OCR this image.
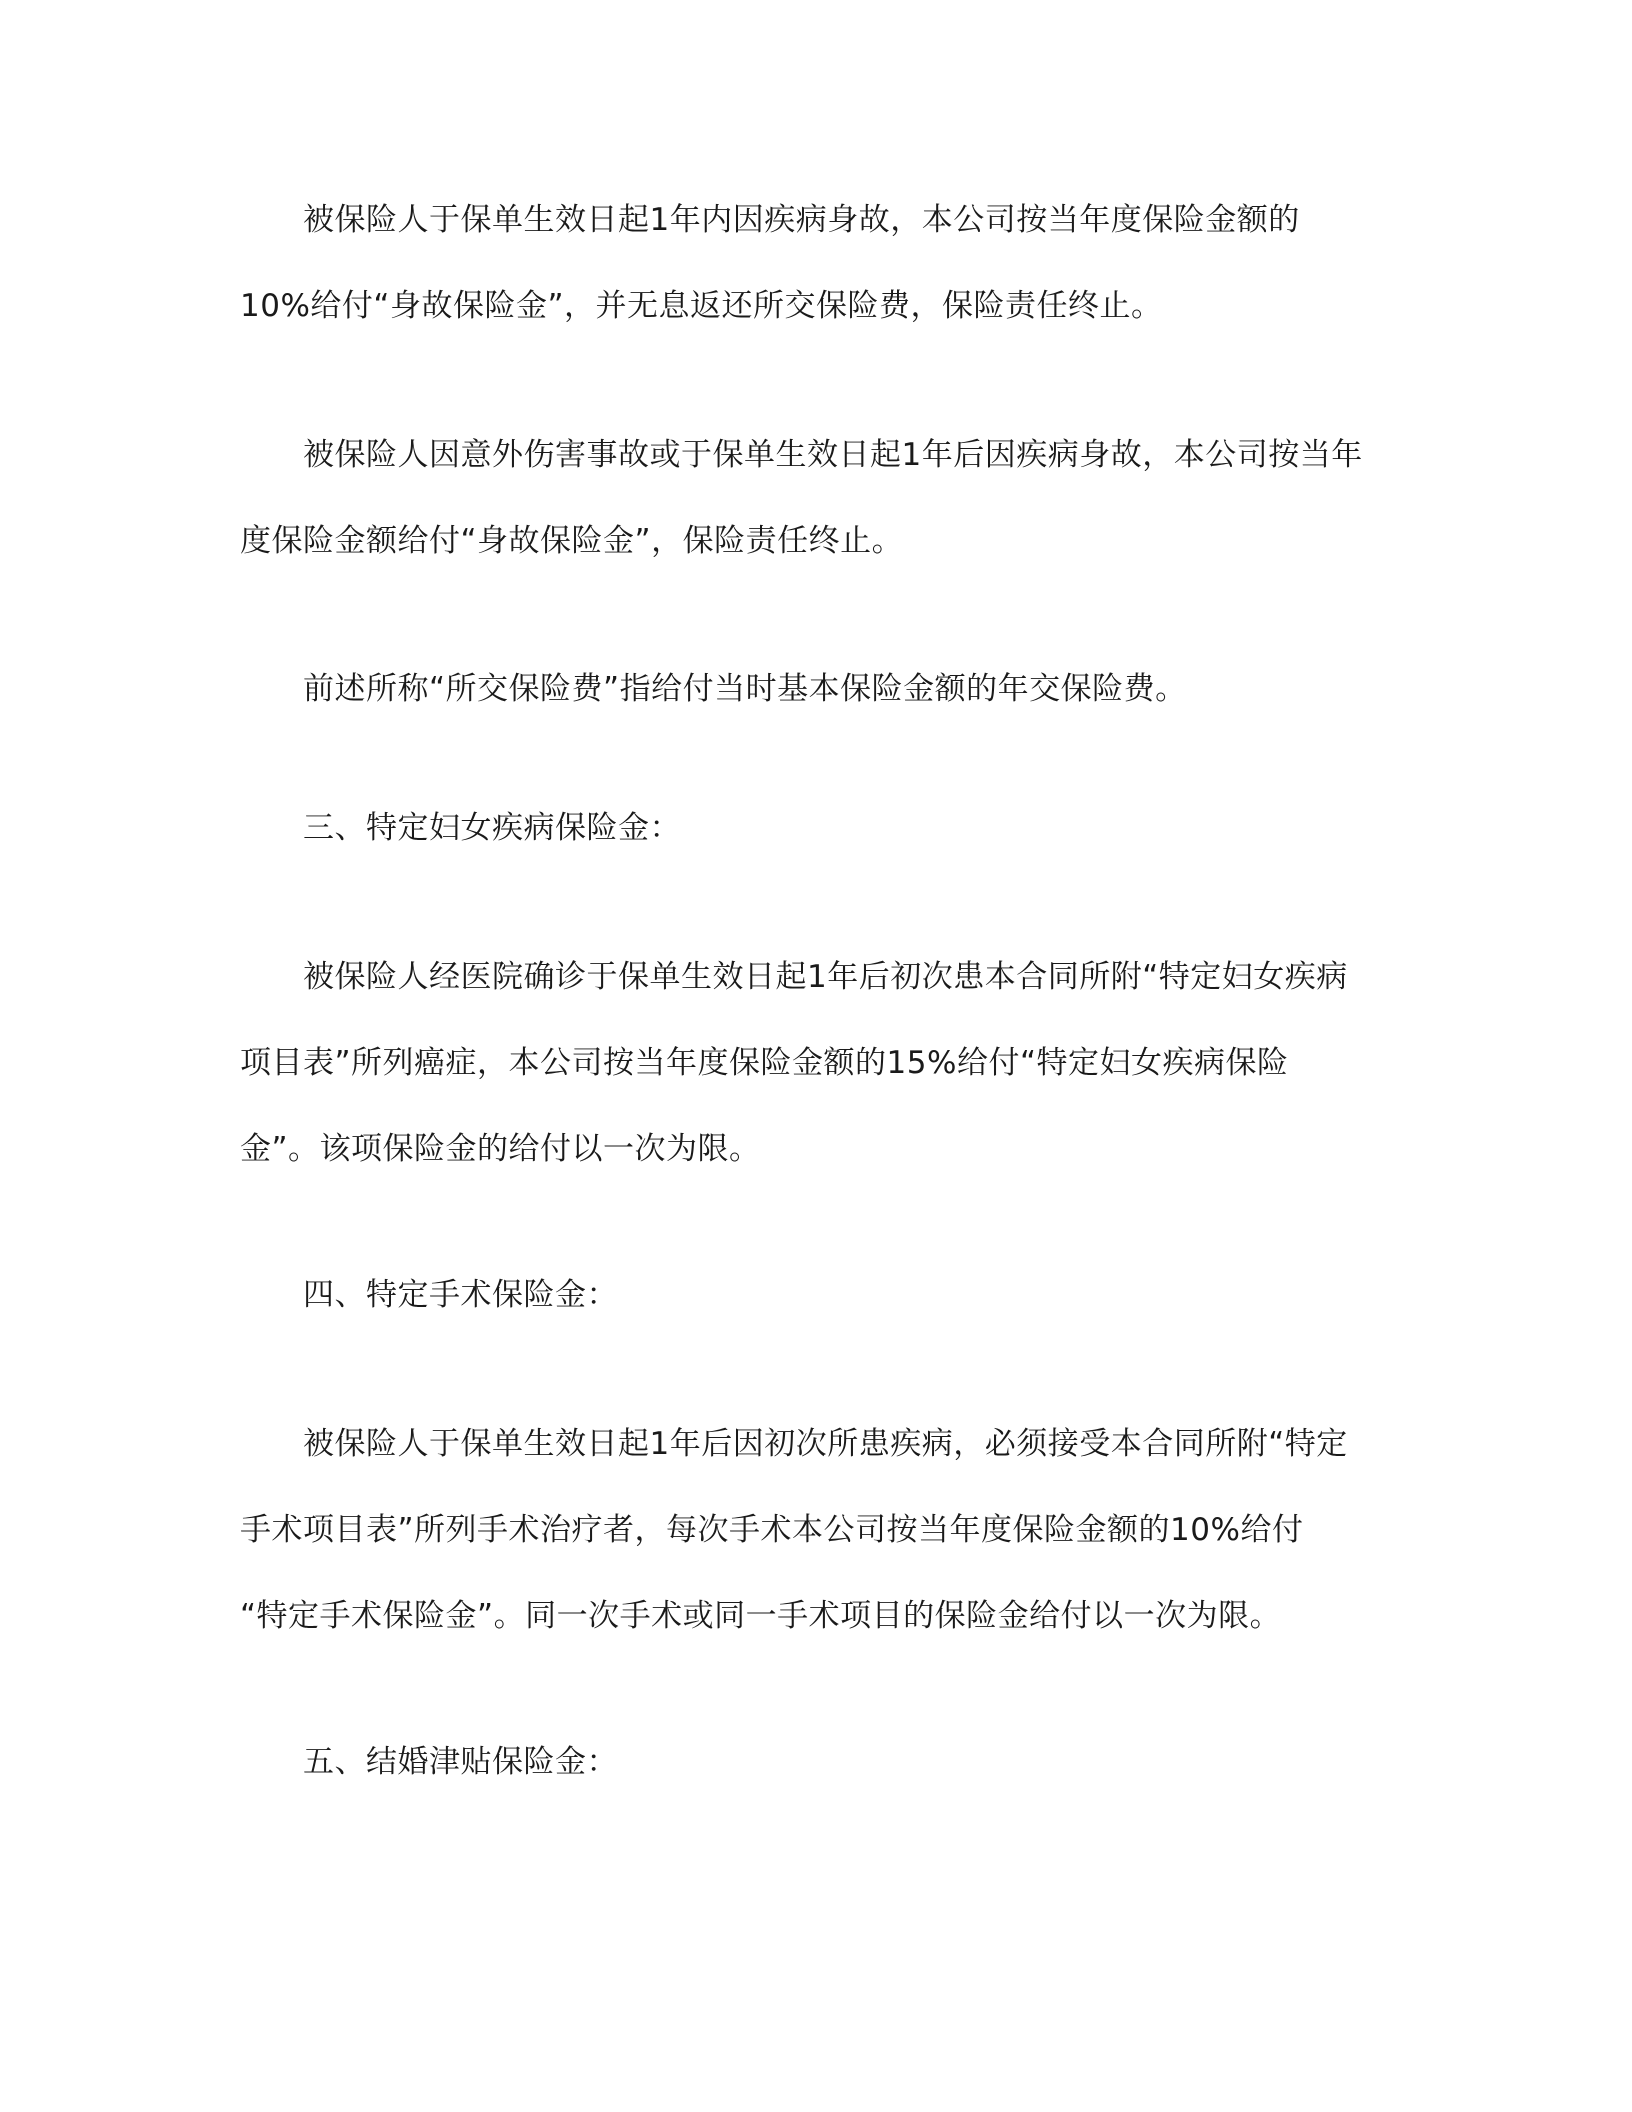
被保险人于保单生效日起1年内因疾病身故，本公司按当年度保险金额的

10%给付“身故保险金”，并无息返还所交保险费，保险责任终止。

被保险人因意外伤害事故或于保单生效日起1年后因疾病身故，本公司按当年

度保险金额给付“身故保险金”，保险责任终止。

前述所称“所交保险费”指给付当时基本保险金额的年交保险费。

三、特定妇女疾病保险金：

被保险人经医院确诊于保单生效日起1年后初次患本合同所附“特定妇女疾病

项目表”所列癌症，本公司按当年度保险金额的15%给付“特定妇女疾病保险

金”。该项保险金的给付以一次为限。

四、特定手术保险金：

被保险人于保单生效日起1年后因初次所患疾病，必须接受本合同所附“特定

手术项目表”所列手术治疗者，每次手术本公司按当年度保险金额的10%给付

“特定手术保险金”。同一次手术或同一手术项目的保险金给付以一次为限。

五、结婚津贴保险金：
